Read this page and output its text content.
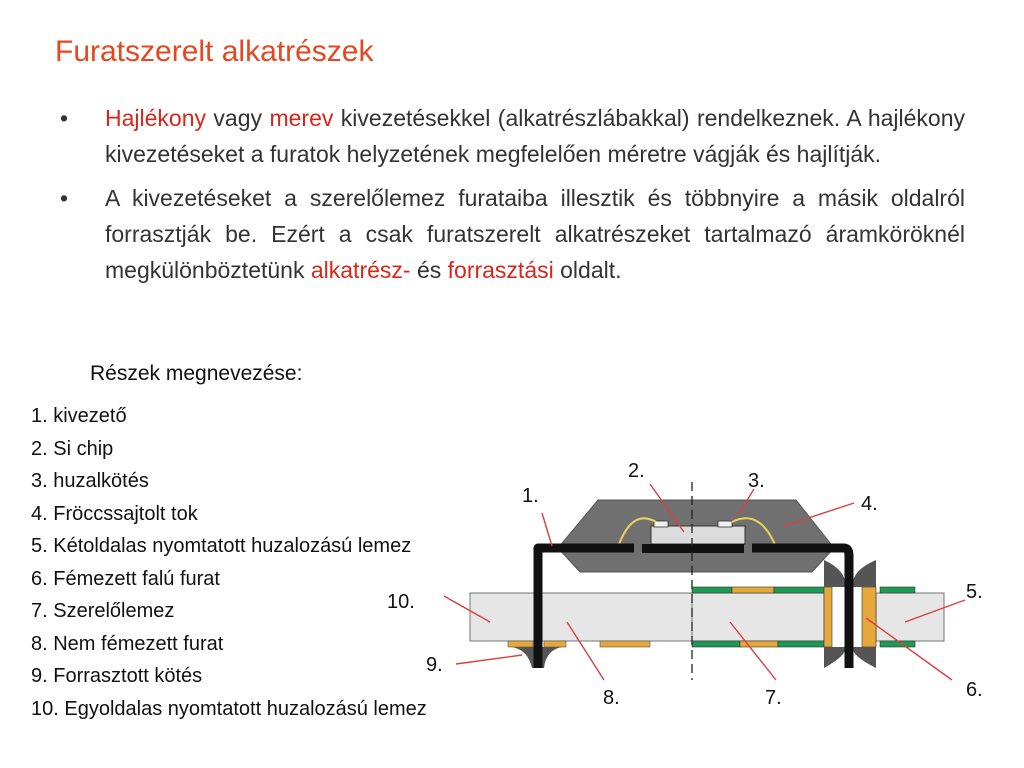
Furatszerelt alkatrészek
• Hajlékony vagy merev kivezetésekkel (alkatrészlábakkal) rendelkeznek. A hajlékony kivezetéseket a furatok helyzetének megfelelően méretre vágják és hajlítják.
• A kivezetéseket a szerelőlemez furataiba illesztik és többnyire a másik oldalról forrasztják be. Ezért a csak furatszerelt alkatrészeket tartalmazó áramköröknél megkülönböztetünk alkatrész- és forrasztási oldalt.
Részek megnevezése:
1. kivezető
2. Si chip
3. huzalkötés
4. Fröccssajtolt tok
5. Kétoldalas nyomtatott huzalozású lemez
6. Fémezett falú furat
7. Szerelőlemez
8. Nem fémezett furat
9. Forrasztott kötés
10. Egyoldalas nyomtatott huzalozású lemez
1.
2.	3.
4.
5.
6.
7.
8.
9.
10.
